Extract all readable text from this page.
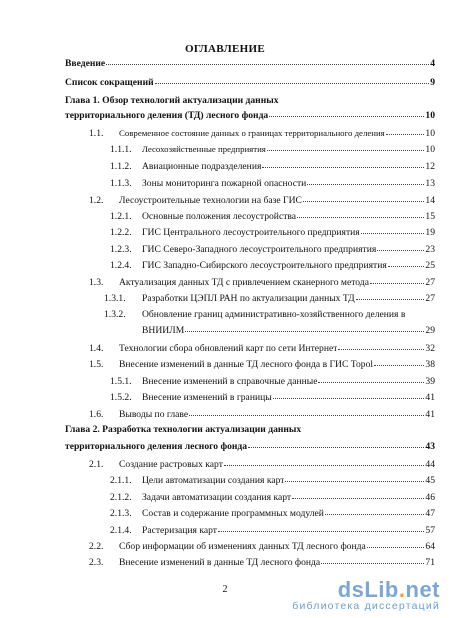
ОГЛАВЛЕНИЕ
Введение	4
Список сокращений	9
Глава 1. Обзор технологий актуализации данных
территориального деления (ТД) лесного фонда	10
1.1.	Современное состояние данных о границах территориального деления	10
1.1.1.	Лесохозяйственные предприятия	10
1.1.2.	Авиационные подразделения	12
1.1.3.	Зоны мониторинга пожарной опасности	13
1.2.	Лесоустроительные технологии на базе ГИС	14
1.2.1.	Основные положения лесоустройства	15
1.2.2.	ГИС Центрального лесоустроительного предприятия	19
1.2.3.	ГИС Северо-Западного лесоустроительного предприятия	23
1.2.4.	ГИС Западно-Сибирского лесоустроительного предприятия	25
1.3.	Актуализация данных ТД с привлечением сканерного метода	27
1.3.1.	Разработки ЦЭПЛ РАН по актуализации данных ТД	27
1.3.2.	Обновление границ административно-хозяйственного деления в
ВНИИЛМ	29
1.4.	Технологии сбора обновлений карт по сети Интернет	32
1.5.	Внесение изменений в данные ТД лесного фонда в ГИС Topol	38
1.5.1.	Внесение изменений в справочные данные	39
1.5.2.	Внесение изменений в границы	41
1.6.	Выводы по главе	41
Глава 2. Разработка технологии актуализации данных
территориального деления лесного фонда	43
2.1.	Создание растровых карт	44
2.1.1.	Цели автоматизации создания карт	45
2.1.2.	Задачи автоматизации создания карт	46
2.1.3.	Состав и содержание программных модулей	47
2.1.4.	Растеризация карт	57
2.2.	Сбор информации об изменениях данных ТД лесного фонда	64
2.3.	Внесение изменений в данные ТД лесного фонда	71
2	dsLib.net
библиотека диссертаций
